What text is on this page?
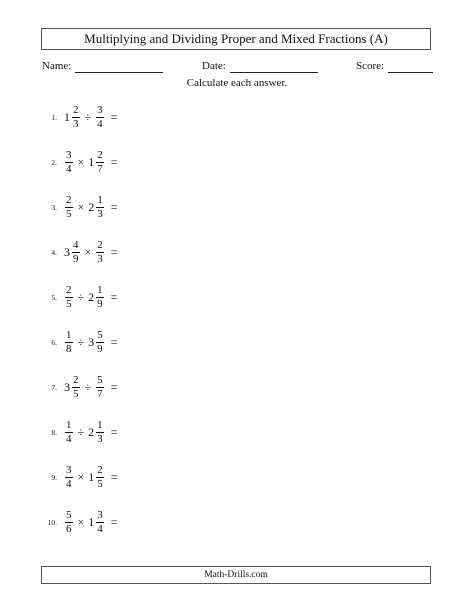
Multiplying and Dividing Proper and Mixed Fractions (A)
Name:	Date:	Score:
Calculate each answer.
1. $1 \frac{2}{3} \div \frac{3}{4}$ =
2. $\frac{3}{4} \times 1 \frac{2}{7}$ =
3. $\frac{2}{5} \times 2 \frac{1}{3}$ =
4. $3 \frac{4}{9} \times \frac{2}{3}$ =
5. $\frac{2}{5} \div 2 \frac{1}{9}$ =
6. $\frac{1}{8} \div 3 \frac{5}{9}$ =
7. $3 \frac{2}{5} \div \frac{5}{7}$ =
8. $\frac{1}{4} \div 2 \frac{1}{3}$ =
9. $\frac{3}{4} \times 1 \frac{2}{5}$ =
10. $\frac{5}{6} \times 1 \frac{3}{4}$ =
Math-Drills.com
